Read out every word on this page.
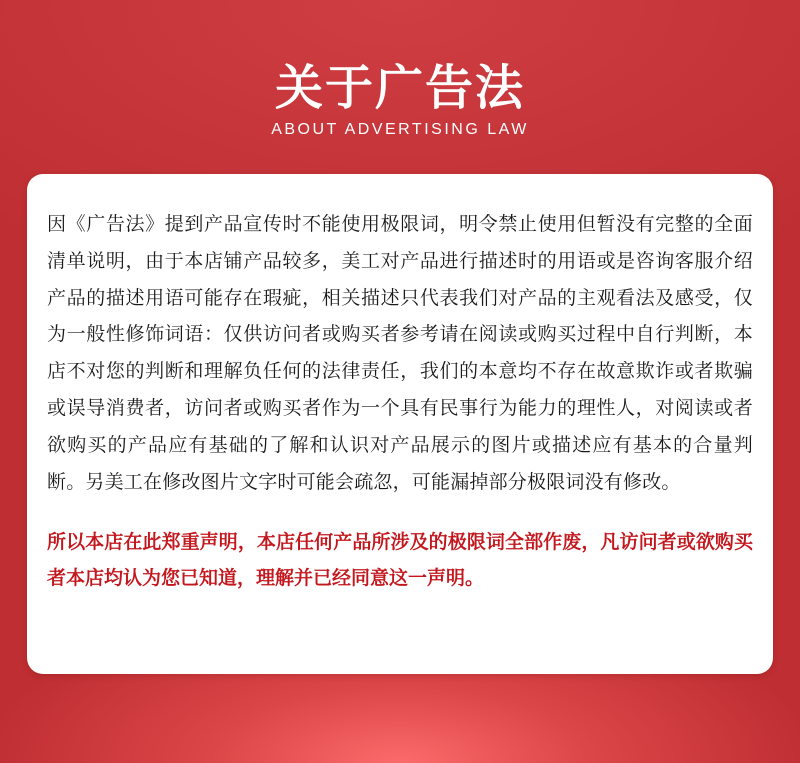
关于广告法
ABOUT ADVERTISING LAW

因《广告法》提到产品宣传时不能使用极限词，明令禁止使用但暂没有完整的全面清单说明，由于本店铺产品较多，美工对产品进行描述时的用语或是咨询客服介绍产品的描述用语可能存在瑕疵，相关描述只代表我们对产品的主观看法及感受，仅为一般性修饰词语：仅供访问者或购买者参考请在阅读或购买过程中自行判断，本店不对您的判断和理解负任何的法律责任，我们的本意均不存在故意欺诈或者欺骗或误导消费者，访问者或购买者作为一个具有民事行为能力的理性人，对阅读或者欲购买的产品应有基础的了解和认识对产品展示的图片或描述应有基本的合量判断。另美工在修改图片文字时可能会疏忽，可能漏掉部分极限词没有修改。

所以本店在此郑重声明，本店任何产品所涉及的极限词全部作废，凡访问者或欲购买者本店均认为您已知道，理解并已经同意这一声明。
